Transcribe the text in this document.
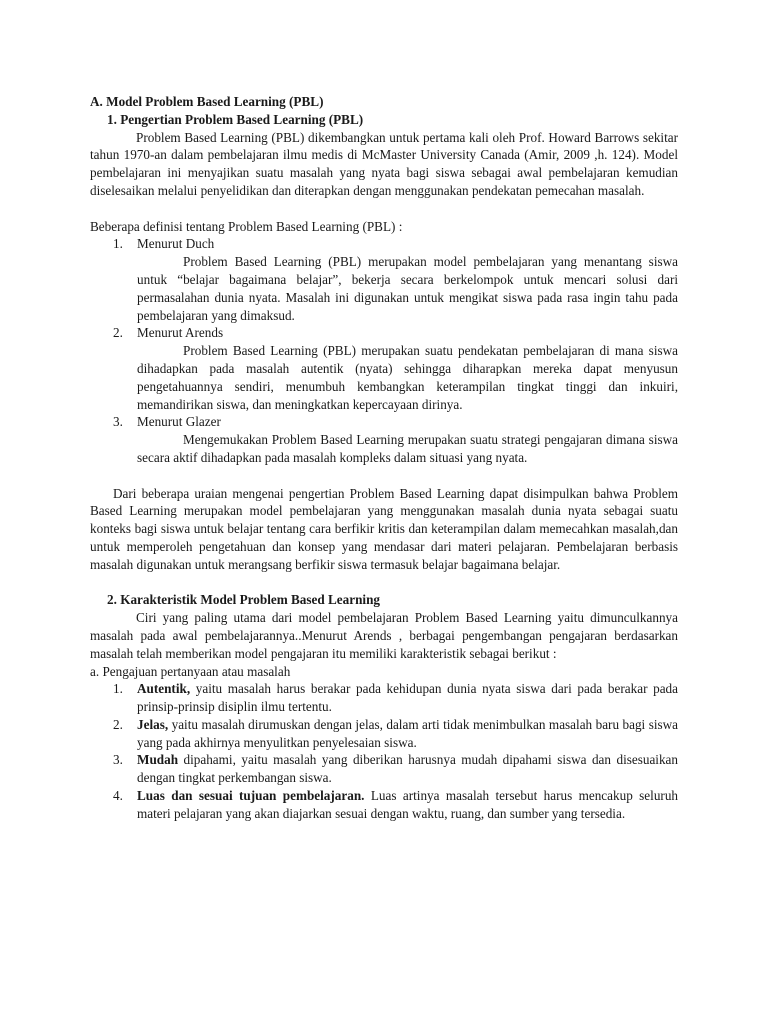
A. Model Problem Based Learning (PBL)

1. Pengertian Problem Based Learning (PBL)

Problem Based Learning (PBL) dikembangkan untuk pertama kali oleh Prof. Howard Barrows sekitar tahun 1970-an dalam pembelajaran ilmu medis di McMaster University Canada (Amir, 2009 ,h. 124). Model pembelajaran ini menyajikan suatu masalah yang nyata bagi siswa sebagai awal pembelajaran kemudian diselesaikan melalui penyelidikan dan diterapkan dengan menggunakan pendekatan pemecahan masalah.

Beberapa definisi tentang Problem Based Learning (PBL) :

1. Menurut Duch

Problem Based Learning (PBL) merupakan model pembelajaran yang menantang siswa untuk “belajar bagaimana belajar”, bekerja secara berkelompok untuk mencari solusi dari permasalahan dunia nyata. Masalah ini digunakan untuk mengikat siswa pada rasa ingin tahu pada pembelajaran yang dimaksud.

2. Menurut Arends

Problem Based Learning (PBL) merupakan suatu pendekatan pembelajaran di mana siswa dihadapkan pada masalah autentik (nyata) sehingga diharapkan mereka dapat menyusun pengetahuannya sendiri, menumbuh kembangkan keterampilan tingkat tinggi dan inkuiri, memandirikan siswa, dan meningkatkan kepercayaan dirinya.

3. Menurut Glazer

Mengemukakan Problem Based Learning merupakan suatu strategi pengajaran dimana siswa secara aktif dihadapkan pada masalah kompleks dalam situasi yang nyata.

Dari beberapa uraian mengenai pengertian Problem Based Learning dapat disimpulkan bahwa Problem Based Learning merupakan model pembelajaran yang menggunakan masalah dunia nyata sebagai suatu konteks bagi siswa untuk belajar tentang cara berfikir kritis dan keterampilan dalam memecahkan masalah,dan untuk memperoleh pengetahuan dan konsep yang mendasar dari materi pelajaran. Pembelajaran berbasis masalah digunakan untuk merangsang berfikir siswa termasuk belajar bagaimana belajar.

2. Karakteristik Model Problem Based Learning

Ciri yang paling utama dari model pembelajaran Problem Based Learning yaitu dimunculkannya masalah pada awal pembelajarannya..Menurut Arends , berbagai pengembangan pengajaran berdasarkan masalah telah memberikan model pengajaran itu memiliki karakteristik sebagai berikut :

a. Pengajuan pertanyaan atau masalah

1. Autentik, yaitu masalah harus berakar pada kehidupan dunia nyata siswa dari pada berakar pada prinsip-prinsip disiplin ilmu tertentu.

2. Jelas, yaitu masalah dirumuskan dengan jelas, dalam arti tidak menimbulkan masalah baru bagi siswa yang pada akhirnya menyulitkan penyelesaian siswa.

3. Mudah dipahami, yaitu masalah yang diberikan harusnya mudah dipahami siswa dan disesuaikan dengan tingkat perkembangan siswa.

4. Luas dan sesuai tujuan pembelajaran. Luas artinya masalah tersebut harus mencakup seluruh materi pelajaran yang akan diajarkan sesuai dengan waktu, ruang, dan sumber yang tersedia.
